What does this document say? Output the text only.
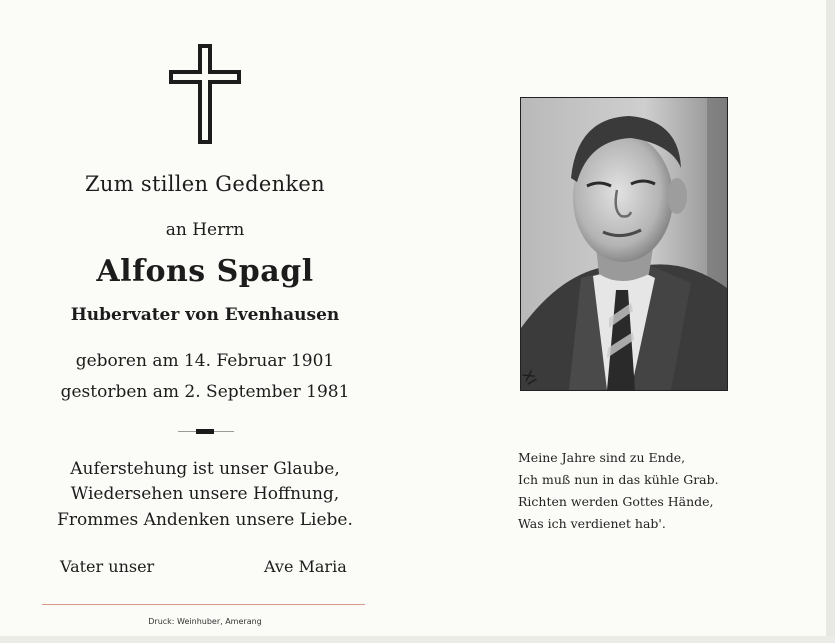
Zum stillen Gedenken
an Herrn
Alfons Spagl
Hubervater von Evenhausen
geboren am 14. Februar 1901
gestorben am 2. September 1981
Auferstehung ist unser Glaube,
Wiedersehen unsere Hoffnung,
Frommes Andenken unsere Liebe.
Vater unser	Ave Maria
Druck: Weinhuber, Amerang
XI
Meine Jahre sind zu Ende,
Ich muß nun in das kühle Grab.
Richten werden Gottes Hände,
Was ich verdienet hab'.
